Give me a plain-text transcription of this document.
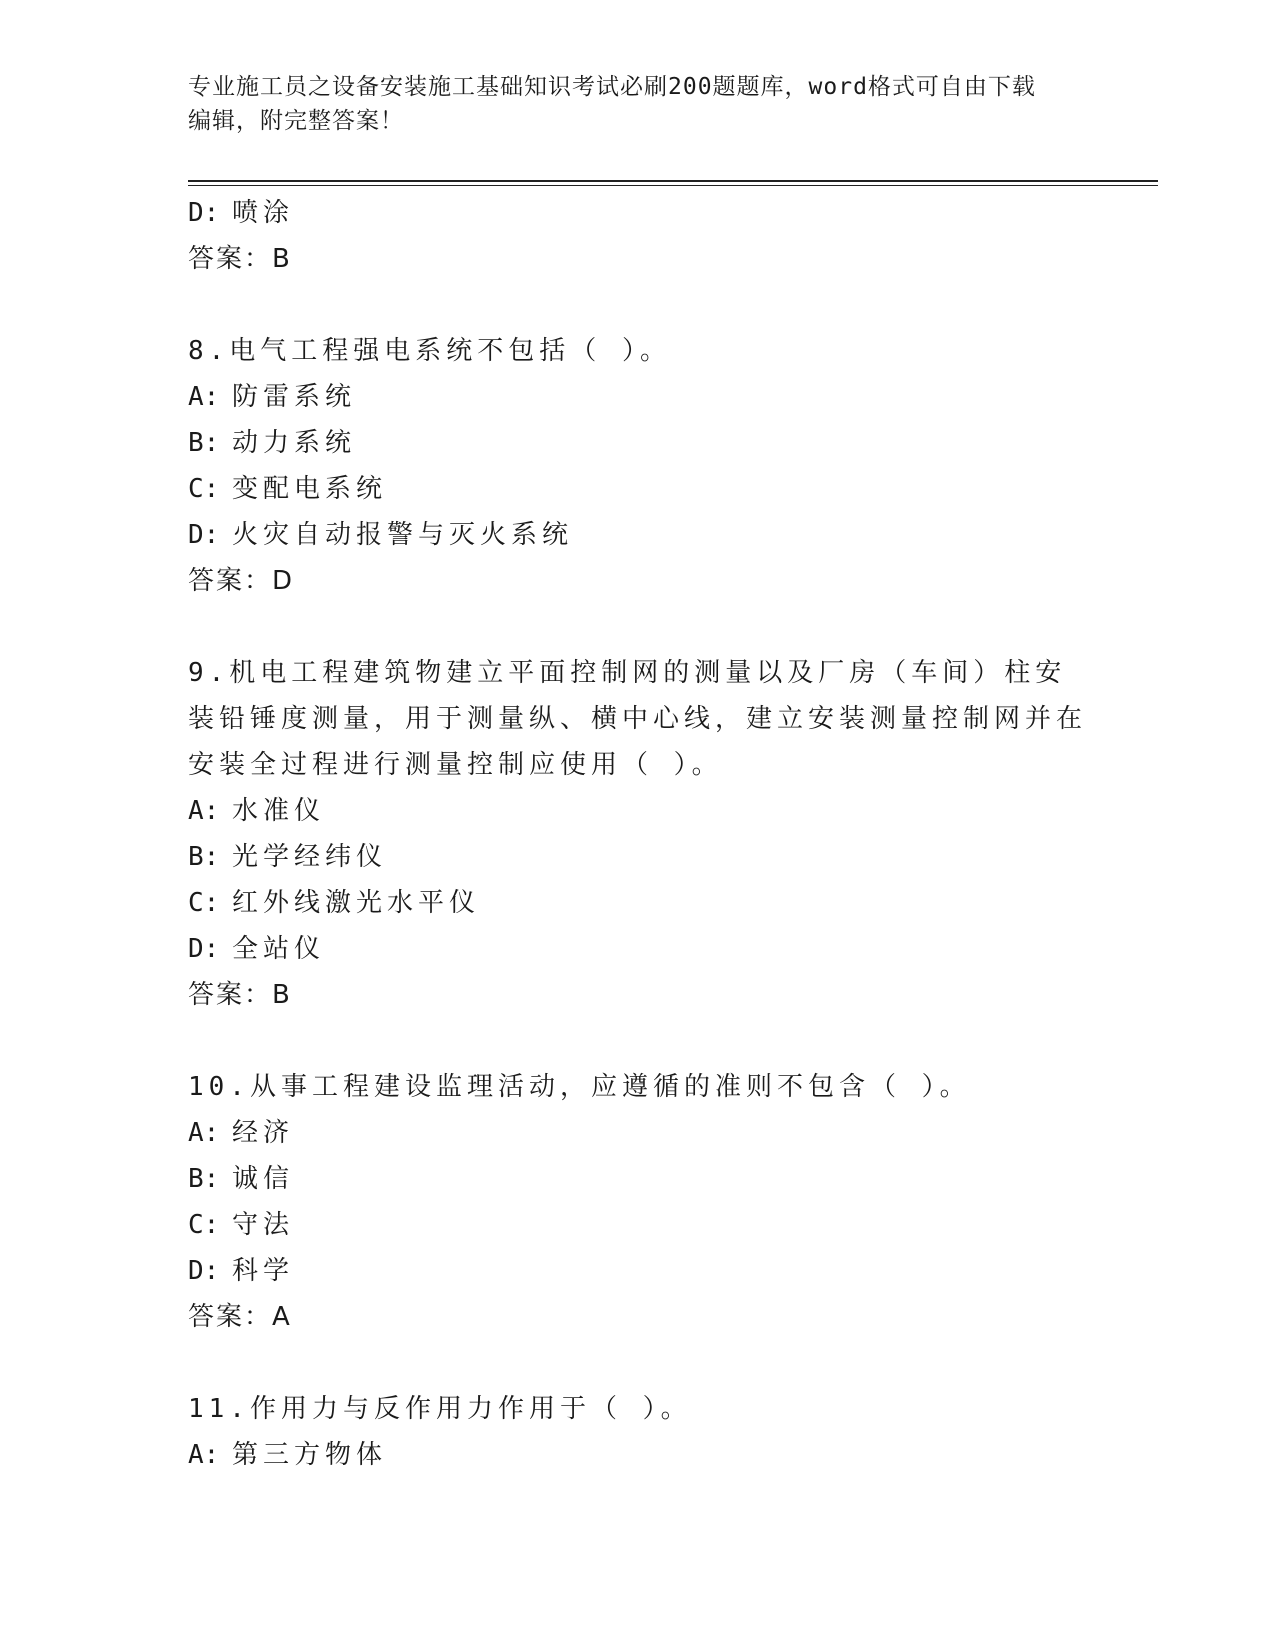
专业施工员之设备安装施工基础知识考试必刷200题题库，word格式可自由下载
编辑，附完整答案！
D: 喷涂
答案：B
8.电气工程强电系统不包括（ ）。
A: 防雷系统
B: 动力系统
C: 变配电系统
D: 火灾自动报警与灭火系统
答案：D
9.机电工程建筑物建立平面控制网的测量以及厂房（车间）柱安装铅锤度测量，用于测量纵、横中心线，建立安装测量控制网并在安装全过程进行测量控制应使用（ ）。
A: 水准仪
B: 光学经纬仪
C: 红外线激光水平仪
D: 全站仪
答案：B
10.从事工程建设监理活动，应遵循的准则不包含（ ）。
A: 经济
B: 诚信
C: 守法
D: 科学
答案：A
11.作用力与反作用力作用于（ ）。
A: 第三方物体
